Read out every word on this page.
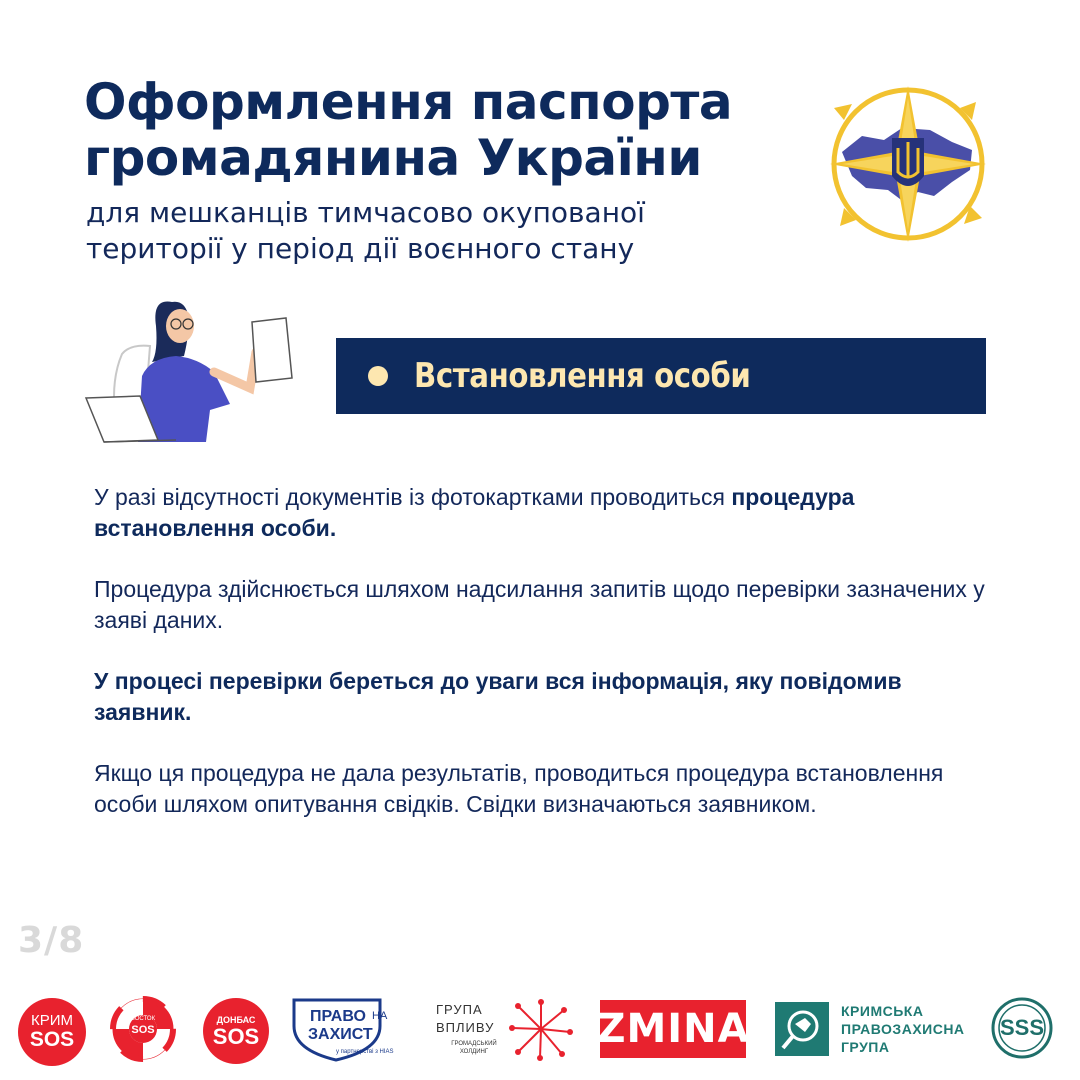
Оформлення паспорта громадянина України

для мешканців тимчасово окупованої території у період дії воєнного стану

Встановлення особи

У разі відсутності документів із фотокартками проводиться процедура встановлення особи.

Процедура здійснюється шляхом надсилання запитів щодо перевірки зазначених у заяві даних.

У процесі перевірки береться до уваги вся інформація, яку повідомив заявник.

Якщо ця процедура не дала результатів, проводиться процедура встановлення особи шляхом опитування свідків. Свідки визначаються заявником.

3/8
КРИМ
SOS
ВОСТОК
SOS
ДОНБАС
SOS
ПРАВО НА
ЗАХИСТ
у партнерстві з HIAS
ГРУПА
ВПЛИВУ
ГРОМАДСЬКИЙ ХОЛДИНГ	ZMINA	КРИМСЬКА ПРАВОЗАХИСНА ГРУПА
SSS
